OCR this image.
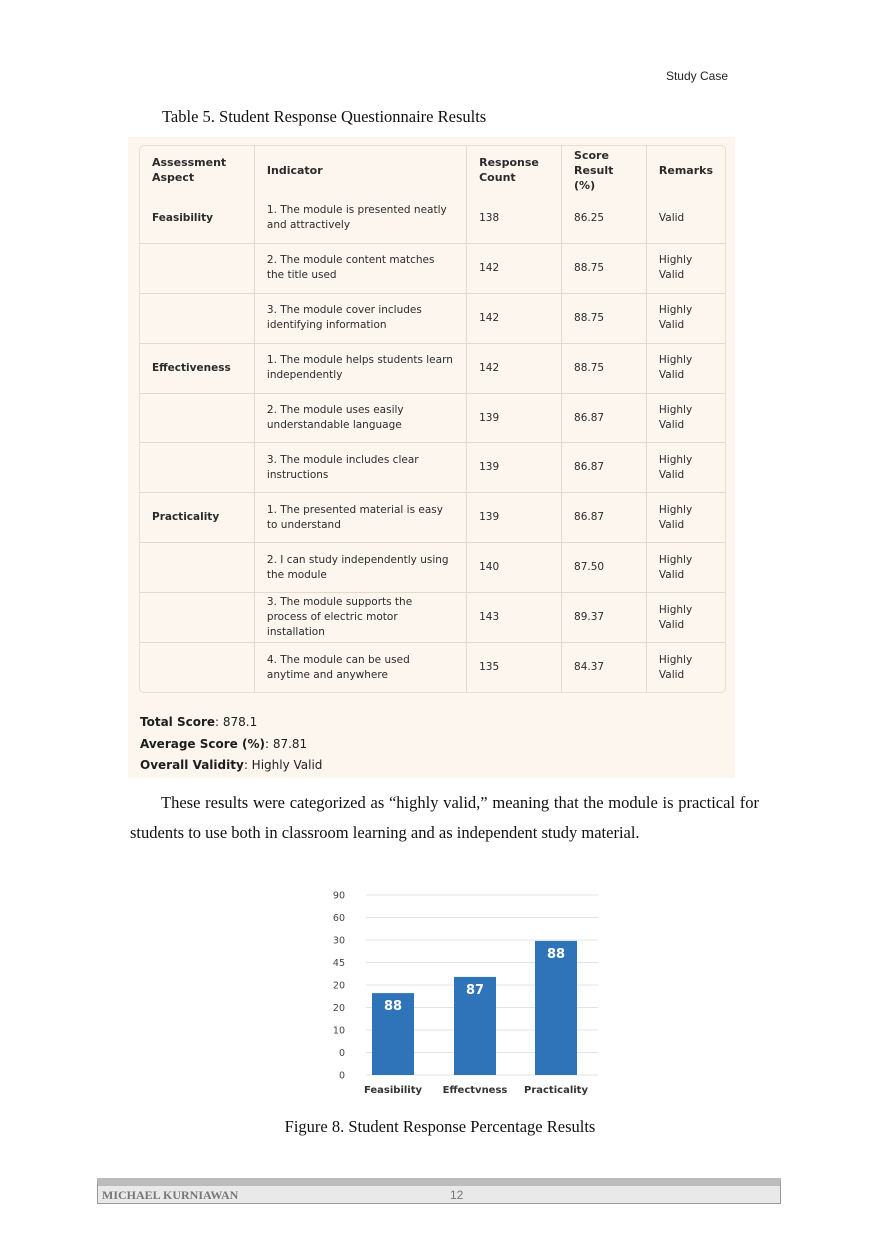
Study Case
Table 5. Student Response Questionnaire Results
Assessment Aspect	Indicator	Response Count	Score Result (%)	Remarks
Feasibility	1. The module is presented neatly and attractively	138	86.25	Valid
	2. The module content matches the title used	142	88.75	Highly Valid
	3. The module cover includes identifying information	142	88.75	Highly Valid
Effectiveness	1. The module helps students learn independently	142	88.75	Highly Valid
	2. The module uses easily understandable language	139	86.87	Highly Valid
	3. The module includes clear instructions	139	86.87	Highly Valid
Practicality	1. The presented material is easy to understand	139	86.87	Highly Valid
	2. I can study independently using the module	140	87.50	Highly Valid
	3. The module supports the process of electric motor installation	143	89.37	Highly Valid
	4. The module can be used anytime and anywhere	135	84.37	Highly Valid
Total Score: 878.1
Average Score (%): 87.81
Overall Validity: Highly Valid
These results were categorized as “highly valid,” meaning that the module is practical for students to use both in classroom learning and as independent study material.
90
60
30
45
20
20
10
0
0
88
Feasibility
87
Effectvness
88
Practicality
Figure 8. Student Response Percentage Results
MICHAEL KURNIAWAN	12
